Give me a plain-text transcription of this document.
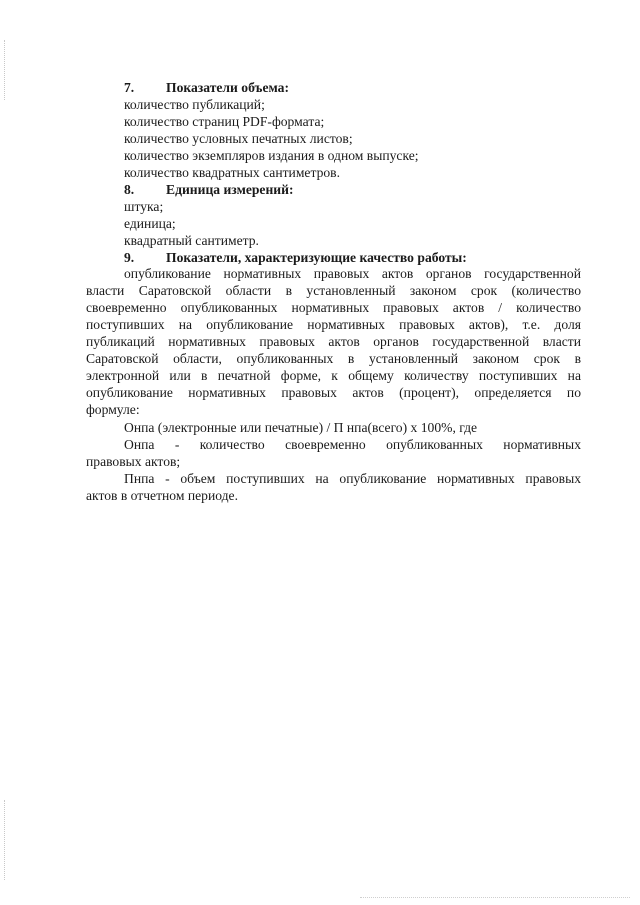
7. Показатели объема:
количество публикаций;
количество страниц PDF-формата;
количество условных печатных листов;
количество экземпляров издания в одном выпуске;
количество квадратных сантиметров.
8. Единица измерений:
штука;
единица;
квадратный сантиметр.
9. Показатели, характеризующие качество работы:
опубликование нормативных правовых актов органов государственной
власти Саратовской области в установленный законом срок (количество
своевременно опубликованных нормативных правовых актов / количество
поступивших на опубликование нормативных правовых актов), т.е. доля
публикаций нормативных правовых актов органов государственной власти
Саратовской области, опубликованных в установленный законом срок в
электронной или в печатной форме, к общему количеству поступивших на
опубликование нормативных правовых актов (процент), определяется по
формуле:
Онпа (электронные или печатные) / П нпа(всего) х 100%, где
Онпа - количество своевременно опубликованных нормативных
правовых актов;
Пнпа - объем поступивших на опубликование нормативных правовых
актов в отчетном периоде.
